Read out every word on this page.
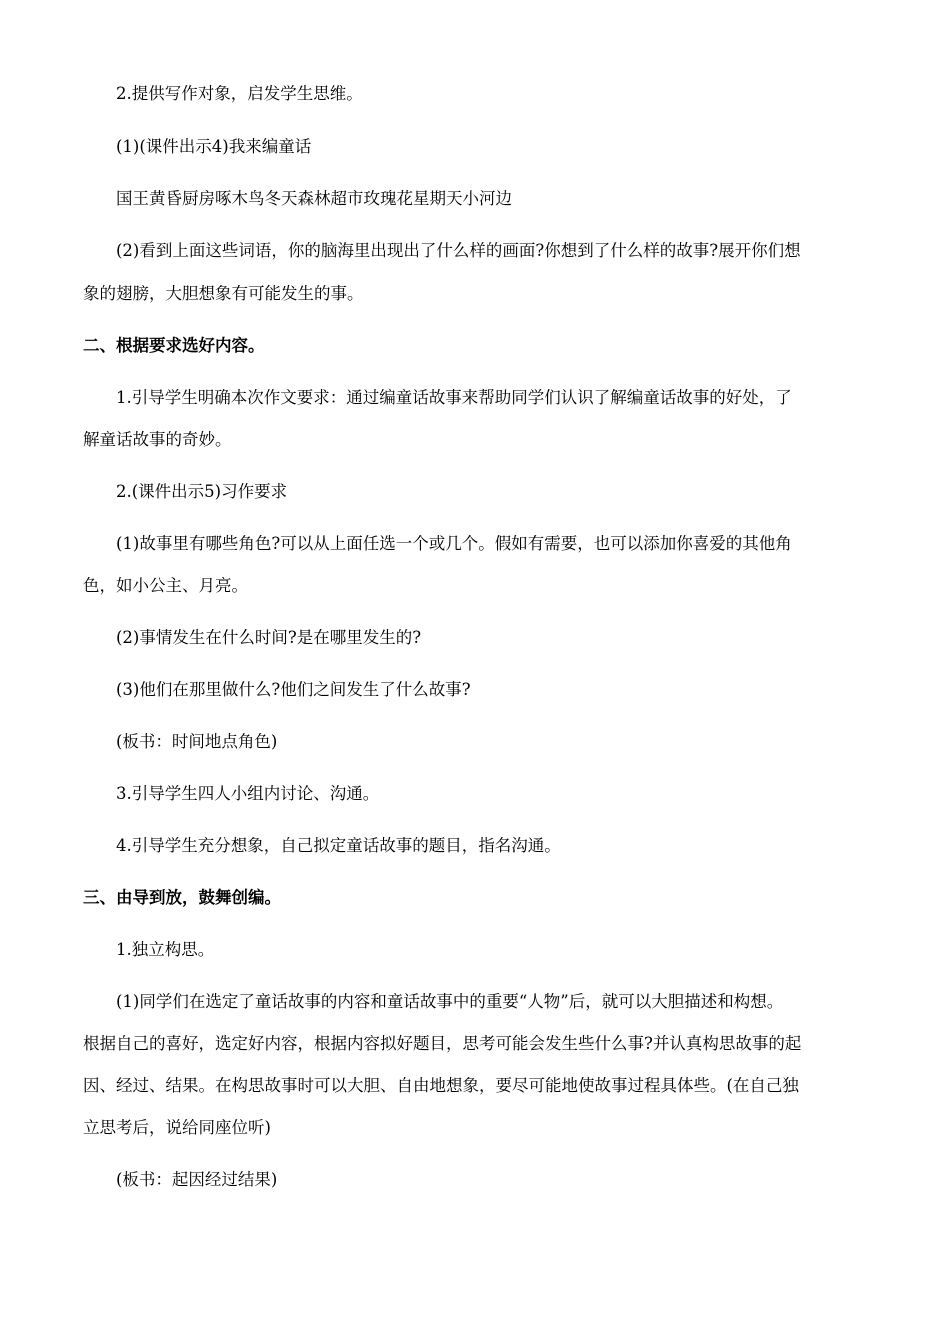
2.提供写作对象，启发学生思维。
(1)(课件出示4)我来编童话
国王黄昏厨房啄木鸟冬天森林超市玫瑰花星期天小河边
(2)看到上面这些词语，你的脑海里出现出了什么样的画面?你想到了什么样的故事?展开你们想
象的翅膀，大胆想象有可能发生的事。
二、根据要求选好内容。
1.引导学生明确本次作文要求：通过编童话故事来帮助同学们认识了解编童话故事的好处，了
解童话故事的奇妙。
2.(课件出示5)习作要求
(1)故事里有哪些角色?可以从上面任选一个或几个。假如有需要，也可以添加你喜爱的其他角
色，如小公主、月亮。
(2)事情发生在什么时间?是在哪里发生的?
(3)他们在那里做什么?他们之间发生了什么故事?
(板书：时间地点角色)
3.引导学生四人小组内讨论、沟通。
4.引导学生充分想象，自己拟定童话故事的题目，指名沟通。
三、由导到放，鼓舞创编。
1.独立构思。
(1)同学们在选定了童话故事的内容和童话故事中的重要“人物”后，就可以大胆描述和构想。
根据自己的喜好，选定好内容，根据内容拟好题目，思考可能会发生些什么事?并认真构思故事的起
因、经过、结果。在构思故事时可以大胆、自由地想象，要尽可能地使故事过程具体些。(在自己独
立思考后，说给同座位听)
(板书：起因经过结果)
